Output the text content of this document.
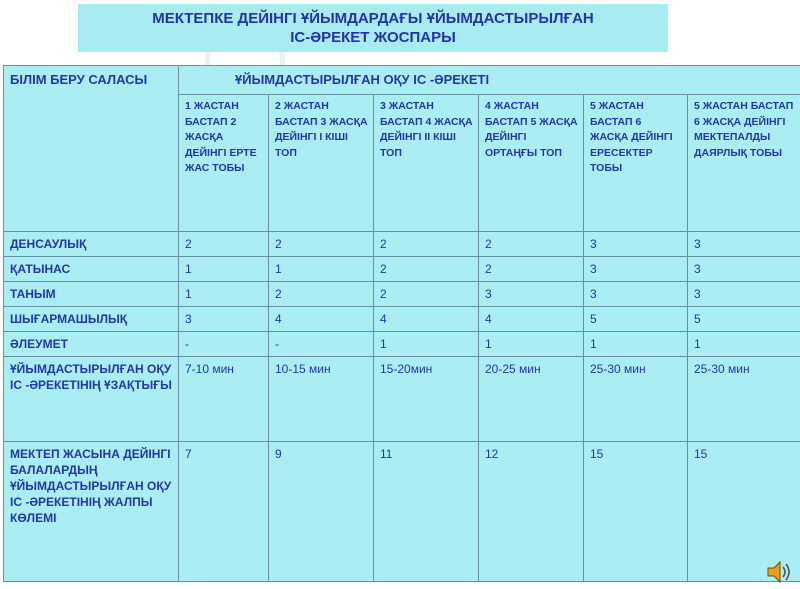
МЕКТЕПКЕ ДЕЙІНГІ ҰЙЫМДАРДАҒЫ ҰЙЫМДАСТЫРЫЛҒАН
ІС-ӘРЕКЕТ ЖОСПАРЫ
БІЛІМ БЕРУ САЛАСЫ	ҰЙЫМДАСТЫРЫЛҒАН ОҚУ ІС -ӘРЕКЕТІ					
	1 ЖАСТАН БАСТАП 2 ЖАСҚА ДЕЙІНГІ ЕРТЕ ЖАС ТОБЫ	2 ЖАСТАН БАСТАП 3 ЖАСҚА ДЕЙІНГІ І КІШІ ТОП	3 ЖАСТАН БАСТАП 4 ЖАСҚА ДЕЙІНГІ ІІ КІШІ ТОП	4 ЖАСТАН БАСТАП 5 ЖАСҚА ДЕЙІНГІ ОРТАҢҒЫ ТОП	5 ЖАСТАН БАСТАП 6 ЖАСҚА ДЕЙІНГІ ЕРЕСЕКТЕР ТОБЫ	5 ЖАСТАН БАСТАП 6 ЖАСҚА ДЕЙІНГІ МЕКТЕПАЛДЫ ДАЯРЛЫҚ ТОБЫ
ДЕНСАУЛЫҚ	2	2	2	2	3	3
ҚАТЫНАС	1	1	2	2	3	3
ТАНЫМ	1	2	2	3	3	3
ШЫҒАРМАШЫЛЫҚ	3	4	4	4	5	5
ӘЛЕУМЕТ	-	-	1	1	1	1
ҰЙЫМДАСТЫРЫЛҒАН ОҚУ ІС -ӘРЕКЕТІНІҢ ҰЗАҚТЫҒЫ	7-10 мин	10-15 мин	15-20мин	20-25 мин	25-30 мин	25-30 мин
МЕКТЕП ЖАСЫНА ДЕЙІНГІ БАЛАЛАРДЫҢ ҰЙЫМДАСТЫРЫЛҒАН ОҚУ ІС -ӘРЕКЕТІНІҢ ЖАЛПЫ КӨЛЕМІ	7	9	11	12	15	15
